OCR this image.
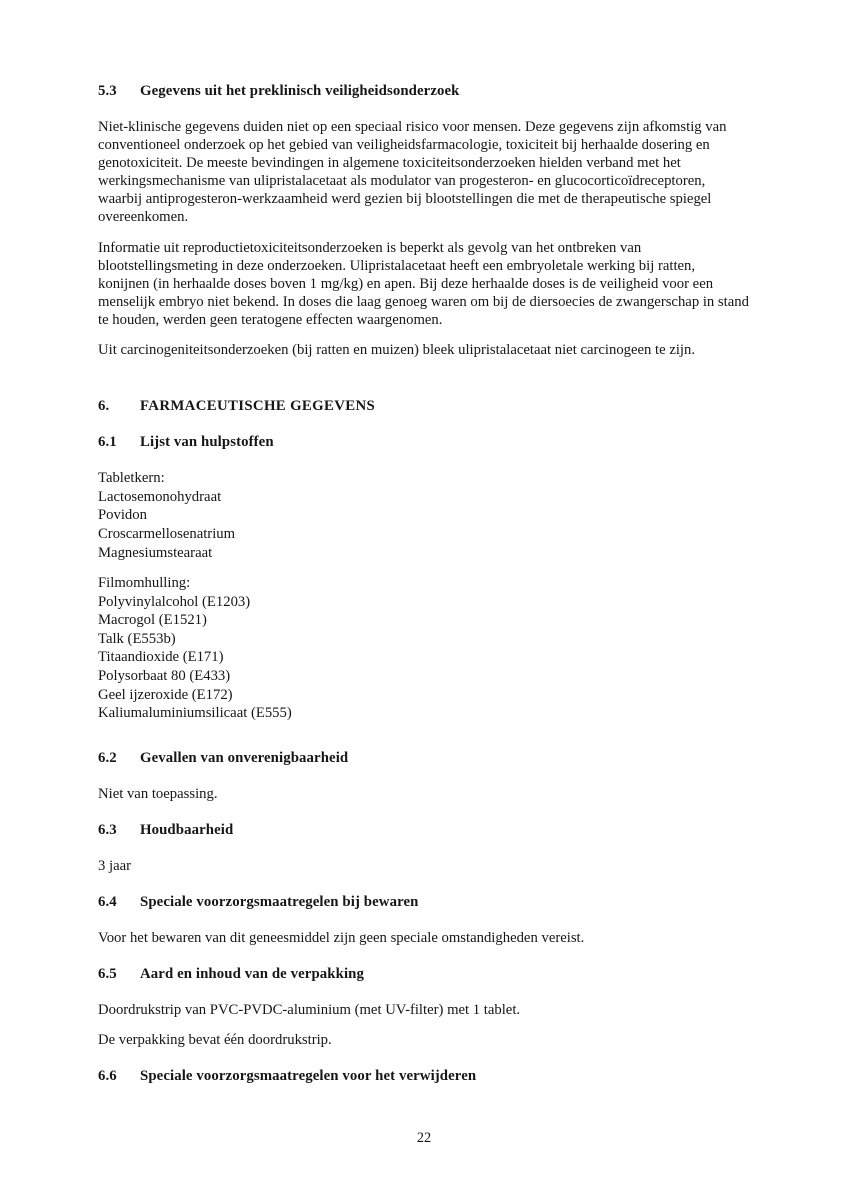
5.3	Gegevens uit het preklinisch veiligheidsonderzoek

Niet-klinische gegevens duiden niet op een speciaal risico voor mensen. Deze gegevens zijn afkomstig van conventioneel onderzoek op het gebied van veiligheidsfarmacologie, toxiciteit bij herhaalde dosering en genotoxiciteit. De meeste bevindingen in algemene toxiciteitsonderzoeken hielden verband met het werkingsmechanisme van ulipristalacetaat als modulator van progesteron- en glucocorticoïdreceptoren, waarbij antiprogesteron-werkzaamheid werd gezien bij blootstellingen die met de therapeutische spiegel overeenkomen.

Informatie uit reproductietoxiciteitsonderzoeken is beperkt als gevolg van het ontbreken van blootstellingsmeting in deze onderzoeken. Ulipristalacetaat heeft een embryoletale werking bij ratten, konijnen (in herhaalde doses boven 1 mg/kg) en apen. Bij deze herhaalde doses is de veiligheid voor een menselijk embryo niet bekend. In doses die laag genoeg waren om bij de diersoecies de zwangerschap in stand te houden, werden geen teratogene effecten waargenomen.

Uit carcinogeniteitsonderzoeken (bij ratten en muizen) bleek ulipristalacetaat niet carcinogeen te zijn.

6.	FARMACEUTISCHE GEGEVENS
6.1	Lijst van hulpstoffen
Tabletkern:
Lactosemonohydraat
Povidon
Croscarmellosenatrium
Magnesiumstearaat
Filmomhulling:
Polyvinylalcohol (E1203)
Macrogol (E1521)
Talk (E553b)
Titaandioxide (E171)
Polysorbaat 80 (E433)
Geel ijzeroxide (E172)
Kaliumaluminiumsilicaat (E555)
6.2	Gevallen van onverenigbaarheid

Niet van toepassing.

6.3	Houdbaarheid

3 jaar

6.4	Speciale voorzorgsmaatregelen bij bewaren

Voor het bewaren van dit geneesmiddel zijn geen speciale omstandigheden vereist.

6.5	Aard en inhoud van de verpakking

Doordrukstrip van PVC-PVDC-aluminium (met UV-filter) met 1 tablet.

De verpakking bevat één doordrukstrip.

6.6	Speciale voorzorgsmaatregelen voor het verwijderen
22
